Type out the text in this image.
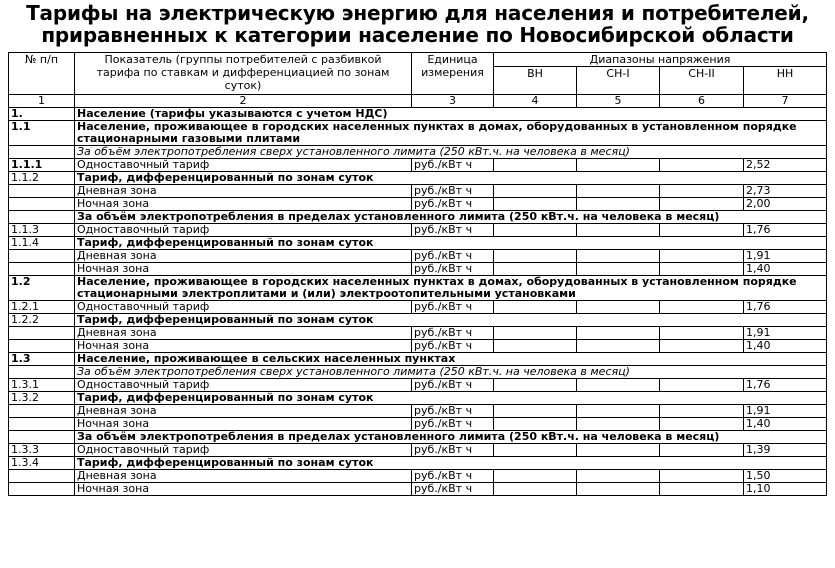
Тарифы на электрическую энергию для населения и потребителей,
приравненных к категории население по Новосибирской области
№ п/п	Показатель (группы потребителей с разбивкой тарифа по ставкам и дифференциацией по зонам суток)	Единица измерения	Диапазоны напряжения			
			ВН	СН-I	СН-II	НН
1	2	3	4	5	6	7
1.	Население (тарифы указываются с учетом НДС)					
1.1	Население, проживающее в городских населенных пунктах в домах, оборудованных в установленном порядке стационарными газовыми плитами					
	За объём электропотребления сверх установленного лимита (250 кВт.ч. на человека в месяц)					
1.1.1	Одноставочный тариф	руб./кВт ч				2,52
1.1.2	Тариф, дифференцированный по зонам суток					
	Дневная зона	руб./кВт ч				2,73
	Ночная зона	руб./кВт ч				2,00
	За объём электропотребления в пределах установленного лимита (250 кВт.ч. на человека в месяц)					
1.1.3	Одноставочный тариф	руб./кВт ч				1,76
1.1.4	Тариф, дифференцированный по зонам суток					
	Дневная зона	руб./кВт ч				1,91
	Ночная зона	руб./кВт ч				1,40
1.2	Население, проживающее в городских населенных пунктах в домах, оборудованных в установленном порядке стационарными электроплитами и (или) электроотопительными установками					
1.2.1	Одноставочный тариф	руб./кВт ч				1,76
1.2.2	Тариф, дифференцированный по зонам суток					
	Дневная зона	руб./кВт ч				1,91
	Ночная зона	руб./кВт ч				1,40
1.3	Население, проживающее в сельских населенных пунктах					
	За объём электропотребления сверх установленного лимита (250 кВт.ч. на человека в месяц)					
1.3.1	Одноставочный тариф	руб./кВт ч				1,76
1.3.2	Тариф, дифференцированный по зонам суток					
	Дневная зона	руб./кВт ч				1,91
	Ночная зона	руб./кВт ч				1,40
	За объём электропотребления в пределах установленного лимита (250 кВт.ч. на человека в месяц)					
1.3.3	Одноставочный тариф	руб./кВт ч				1,39
1.3.4	Тариф, дифференцированный по зонам суток					
	Дневная зона	руб./кВт ч				1,50
	Ночная зона	руб./кВт ч				1,10
